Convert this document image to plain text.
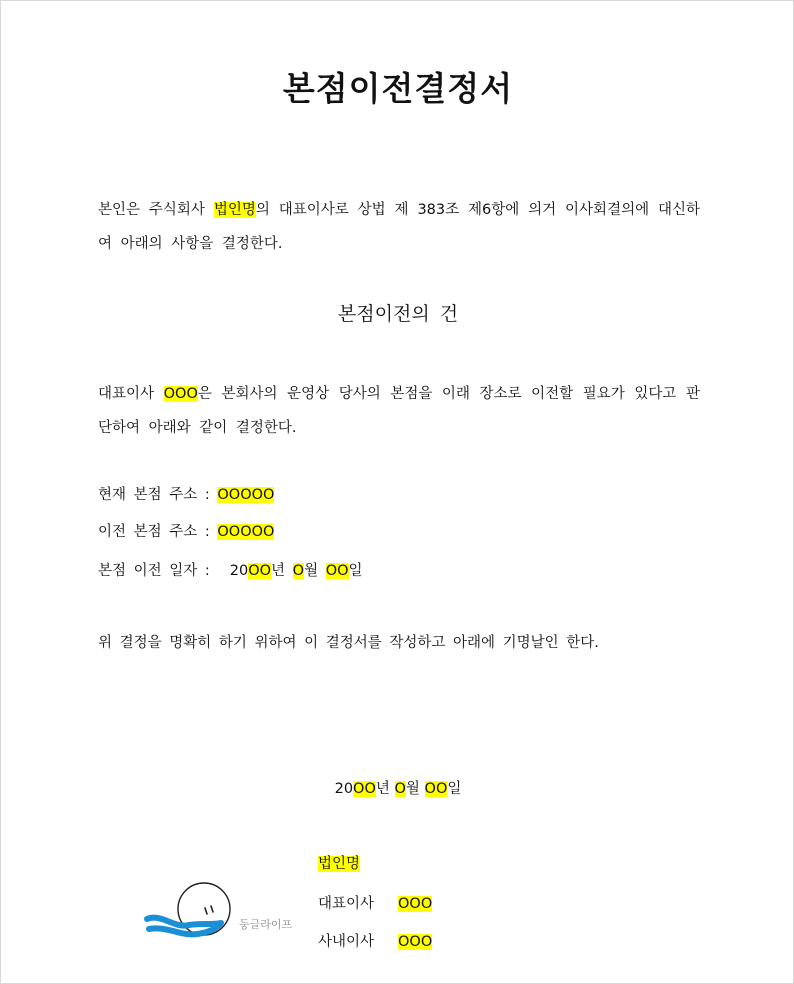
본점이전결정서
본인은 주식회사 법인명의 대표이사로 상법 제 383조 제6항에 의거 이사회결의에 대신하여 아래의 사항을 결정한다.
본점이전의 건
대표이사 OOO은 본회사의 운영상 당사의 본점을 이래 장소로 이전할 필요가 있다고 판단하여 아래와 같이 결정한다.
현재 본점 주소 : OOOOO
이전 본점 주소 : OOOOO
본점 이전 일자 : 20OO년 O월 OO일
위 결정을 명확히 하기 위하여 이 결정서를 작성하고 아래에 기명날인 한다.
20OO년 O월 OO일
법인명
대표이사 OOO
사내이사 OOO
둥글라이프
